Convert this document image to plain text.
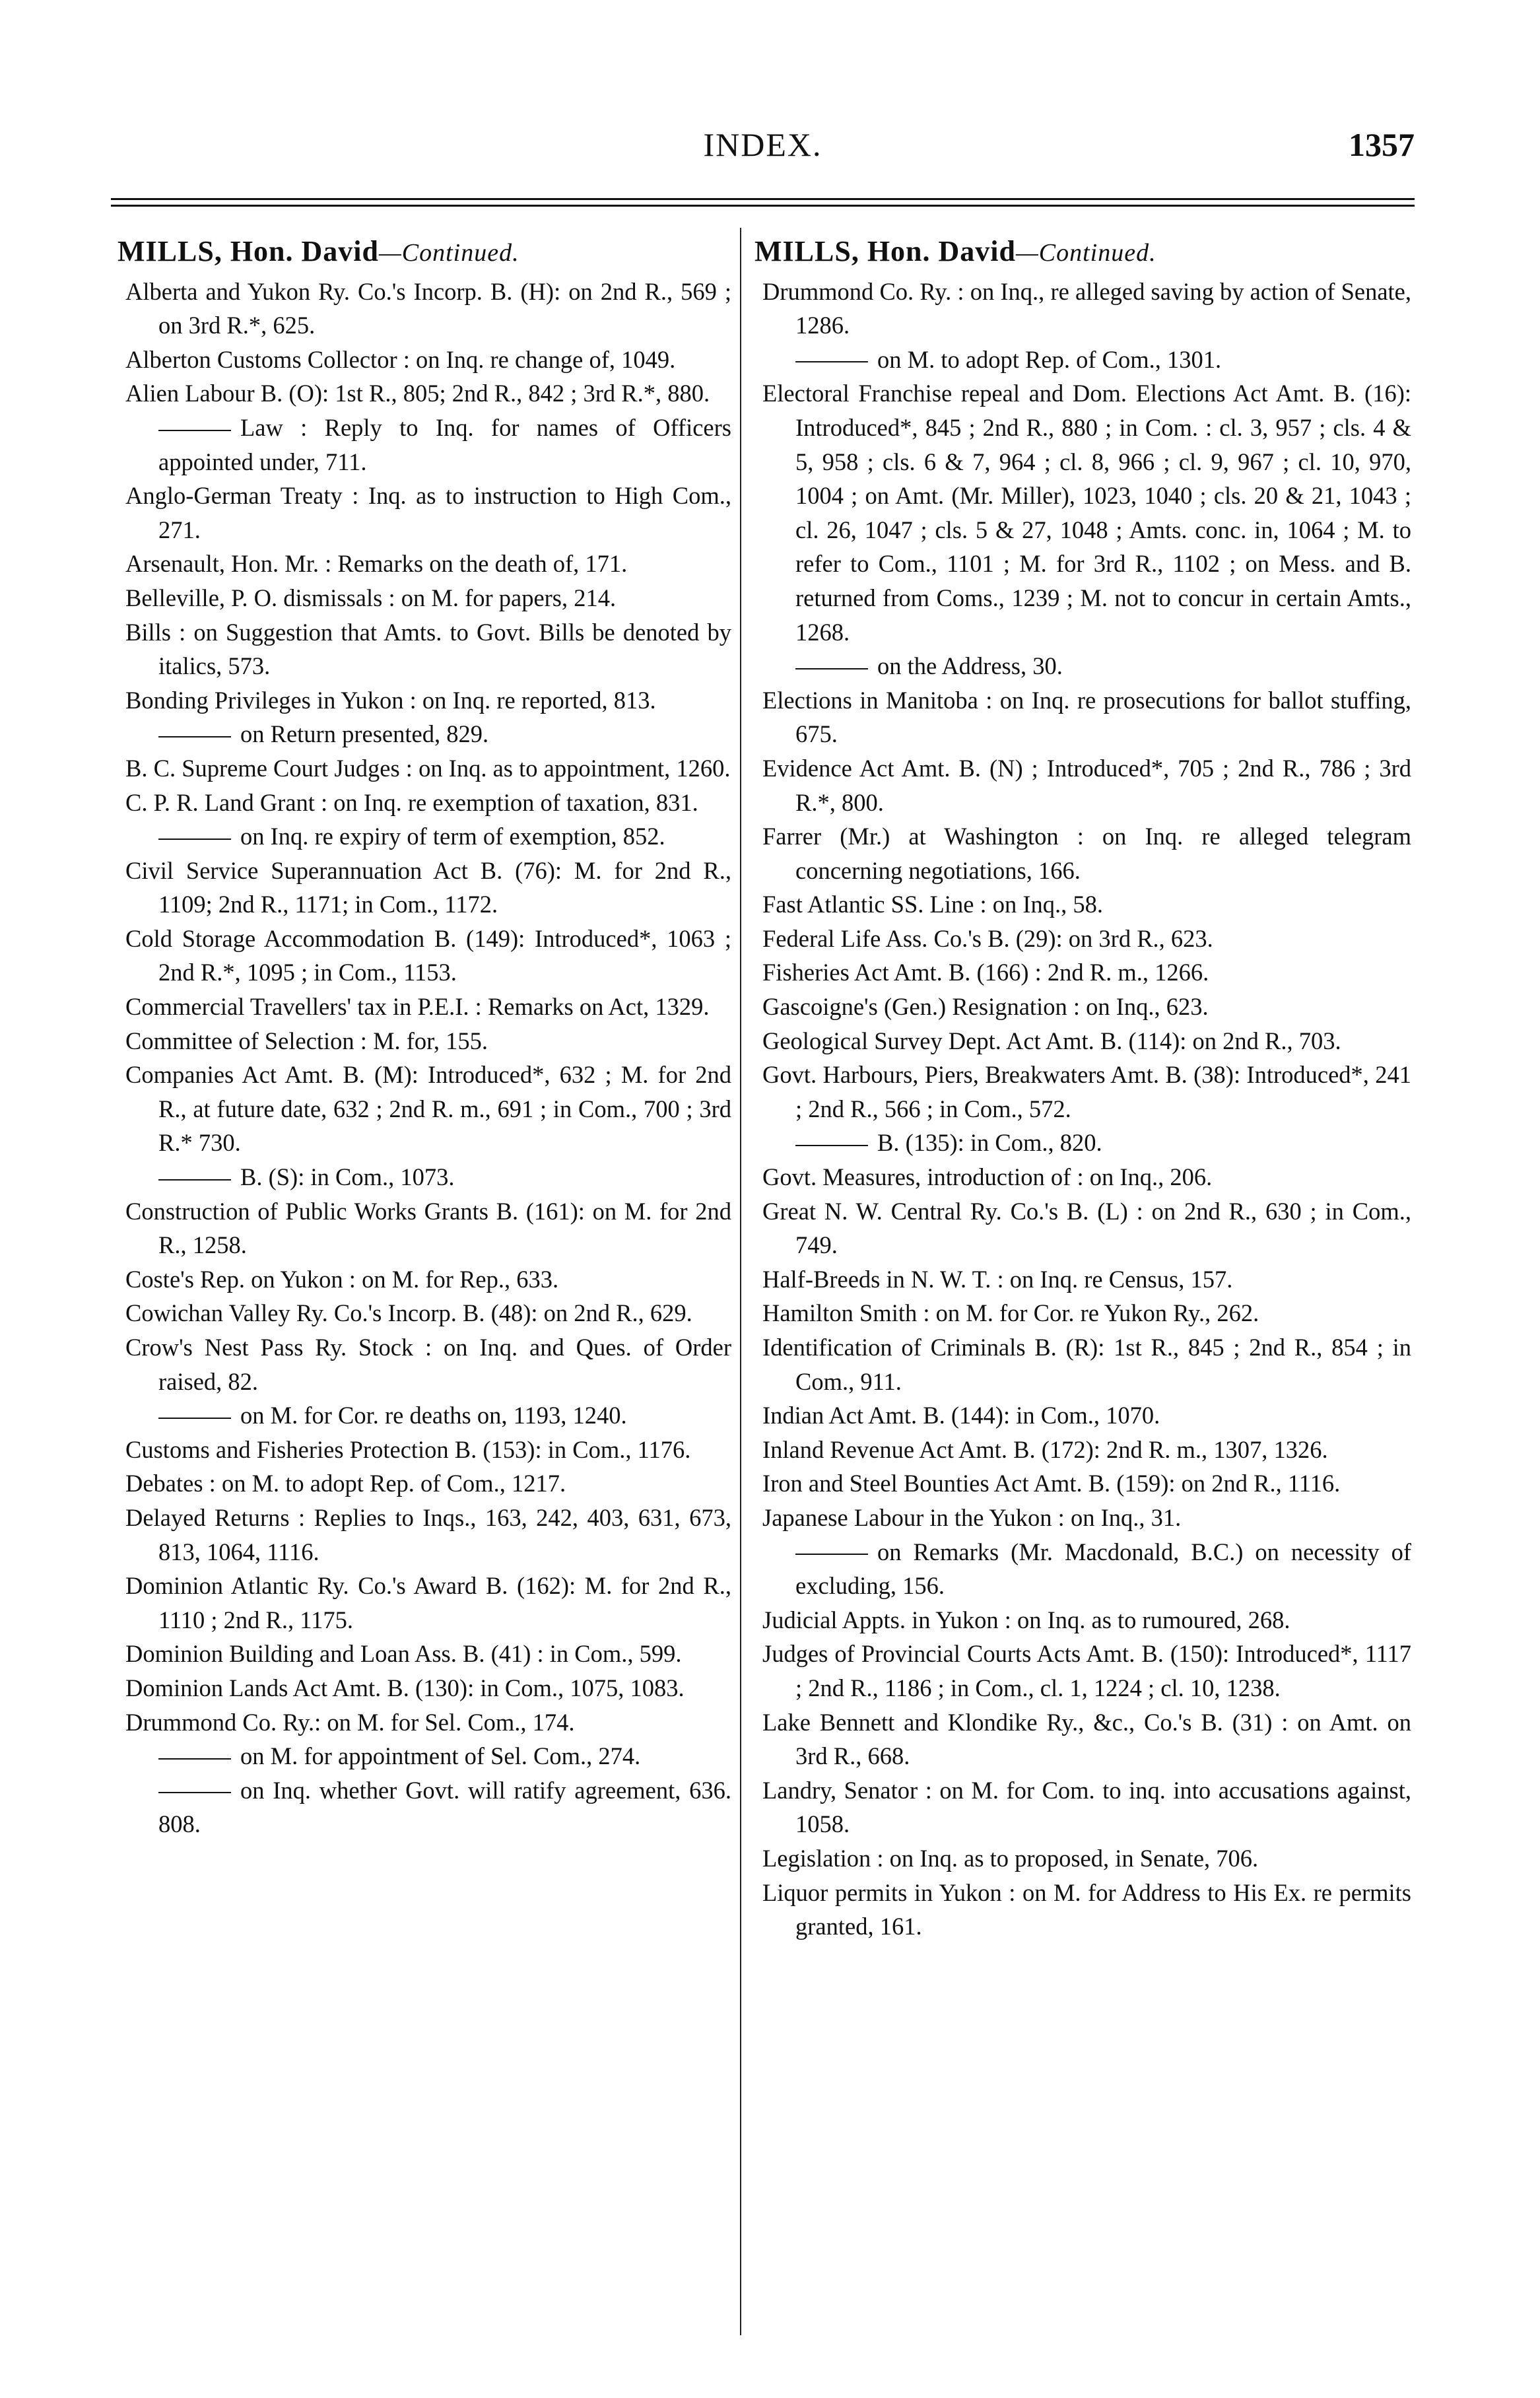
INDEX.	1357
MILLS, Hon. David—Continued.
Alberta and Yukon Ry. Co.'s Incorp. B. (H): on 2nd R., 569 ; on 3rd R.*, 625.
Alberton Customs Collector : on Inq. re change of, 1049.
Alien Labour B. (O): 1st R., 805; 2nd R., 842 ; 3rd R.*, 880.
Law : Reply to Inq. for names of Officers appointed under, 711.
Anglo-German Treaty : Inq. as to instruction to High Com., 271.
Arsenault, Hon. Mr. : Remarks on the death of, 171.
Belleville, P. O. dismissals : on M. for papers, 214.
Bills : on Suggestion that Amts. to Govt. Bills be denoted by italics, 573.
Bonding Privileges in Yukon : on Inq. re reported, 813.
on Return presented, 829.
B. C. Supreme Court Judges : on Inq. as to appointment, 1260.
C. P. R. Land Grant : on Inq. re exemption of taxation, 831.
on Inq. re expiry of term of exemption, 852.
Civil Service Superannuation Act B. (76): M. for 2nd R., 1109; 2nd R., 1171; in Com., 1172.
Cold Storage Accommodation B. (149): Introduced*, 1063 ; 2nd R.*, 1095 ; in Com., 1153.
Commercial Travellers' tax in P.E.I. : Remarks on Act, 1329.
Committee of Selection : M. for, 155.
Companies Act Amt. B. (M): Introduced*, 632 ; M. for 2nd R., at future date, 632 ; 2nd R. m., 691 ; in Com., 700 ; 3rd R.* 730.
B. (S): in Com., 1073.
Construction of Public Works Grants B. (161): on M. for 2nd R., 1258.
Coste's Rep. on Yukon : on M. for Rep., 633.
Cowichan Valley Ry. Co.'s Incorp. B. (48): on 2nd R., 629.
Crow's Nest Pass Ry. Stock : on Inq. and Ques. of Order raised, 82.
on M. for Cor. re deaths on, 1193, 1240.
Customs and Fisheries Protection B. (153): in Com., 1176.
Debates : on M. to adopt Rep. of Com., 1217.
Delayed Returns : Replies to Inqs., 163, 242, 403, 631, 673, 813, 1064, 1116.
Dominion Atlantic Ry. Co.'s Award B. (162): M. for 2nd R., 1110 ; 2nd R., 1175.
Dominion Building and Loan Ass. B. (41) : in Com., 599.
Dominion Lands Act Amt. B. (130): in Com., 1075, 1083.
Drummond Co. Ry.: on M. for Sel. Com., 174.
on M. for appointment of Sel. Com., 274.
on Inq. whether Govt. will ratify agreement, 636. 808.
MILLS, Hon. David—Continued.
Drummond Co. Ry. : on Inq., re alleged saving by action of Senate, 1286.
on M. to adopt Rep. of Com., 1301.
Electoral Franchise repeal and Dom. Elections Act Amt. B. (16): Introduced*, 845 ; 2nd R., 880 ; in Com. : cl. 3, 957 ; cls. 4 & 5, 958 ; cls. 6 & 7, 964 ; cl. 8, 966 ; cl. 9, 967 ; cl. 10, 970, 1004 ; on Amt. (Mr. Miller), 1023, 1040 ; cls. 20 & 21, 1043 ; cl. 26, 1047 ; cls. 5 & 27, 1048 ; Amts. conc. in, 1064 ; M. to refer to Com., 1101 ; M. for 3rd R., 1102 ; on Mess. and B. returned from Coms., 1239 ; M. not to concur in certain Amts., 1268.
on the Address, 30.
Elections in Manitoba : on Inq. re prosecutions for ballot stuffing, 675.
Evidence Act Amt. B. (N) ; Introduced*, 705 ; 2nd R., 786 ; 3rd R.*, 800.
Farrer (Mr.) at Washington : on Inq. re alleged telegram concerning negotiations, 166.
Fast Atlantic SS. Line : on Inq., 58.
Federal Life Ass. Co.'s B. (29): on 3rd R., 623.
Fisheries Act Amt. B. (166) : 2nd R. m., 1266.
Gascoigne's (Gen.) Resignation : on Inq., 623.
Geological Survey Dept. Act Amt. B. (114): on 2nd R., 703.
Govt. Harbours, Piers, Breakwaters Amt. B. (38): Introduced*, 241 ; 2nd R., 566 ; in Com., 572.
B. (135): in Com., 820.
Govt. Measures, introduction of : on Inq., 206.
Great N. W. Central Ry. Co.'s B. (L) : on 2nd R., 630 ; in Com., 749.
Half-Breeds in N. W. T. : on Inq. re Census, 157.
Hamilton Smith : on M. for Cor. re Yukon Ry., 262.
Identification of Criminals B. (R): 1st R., 845 ; 2nd R., 854 ; in Com., 911.
Indian Act Amt. B. (144): in Com., 1070.
Inland Revenue Act Amt. B. (172): 2nd R. m., 1307, 1326.
Iron and Steel Bounties Act Amt. B. (159): on 2nd R., 1116.
Japanese Labour in the Yukon : on Inq., 31.
on Remarks (Mr. Macdonald, B.C.) on necessity of excluding, 156.
Judicial Appts. in Yukon : on Inq. as to rumoured, 268.
Judges of Provincial Courts Acts Amt. B. (150): Introduced*, 1117 ; 2nd R., 1186 ; in Com., cl. 1, 1224 ; cl. 10, 1238.
Lake Bennett and Klondike Ry., &c., Co.'s B. (31) : on Amt. on 3rd R., 668.
Landry, Senator : on M. for Com. to inq. into accusations against, 1058.
Legislation : on Inq. as to proposed, in Senate, 706.
Liquor permits in Yukon : on M. for Address to His Ex. re permits granted, 161.
